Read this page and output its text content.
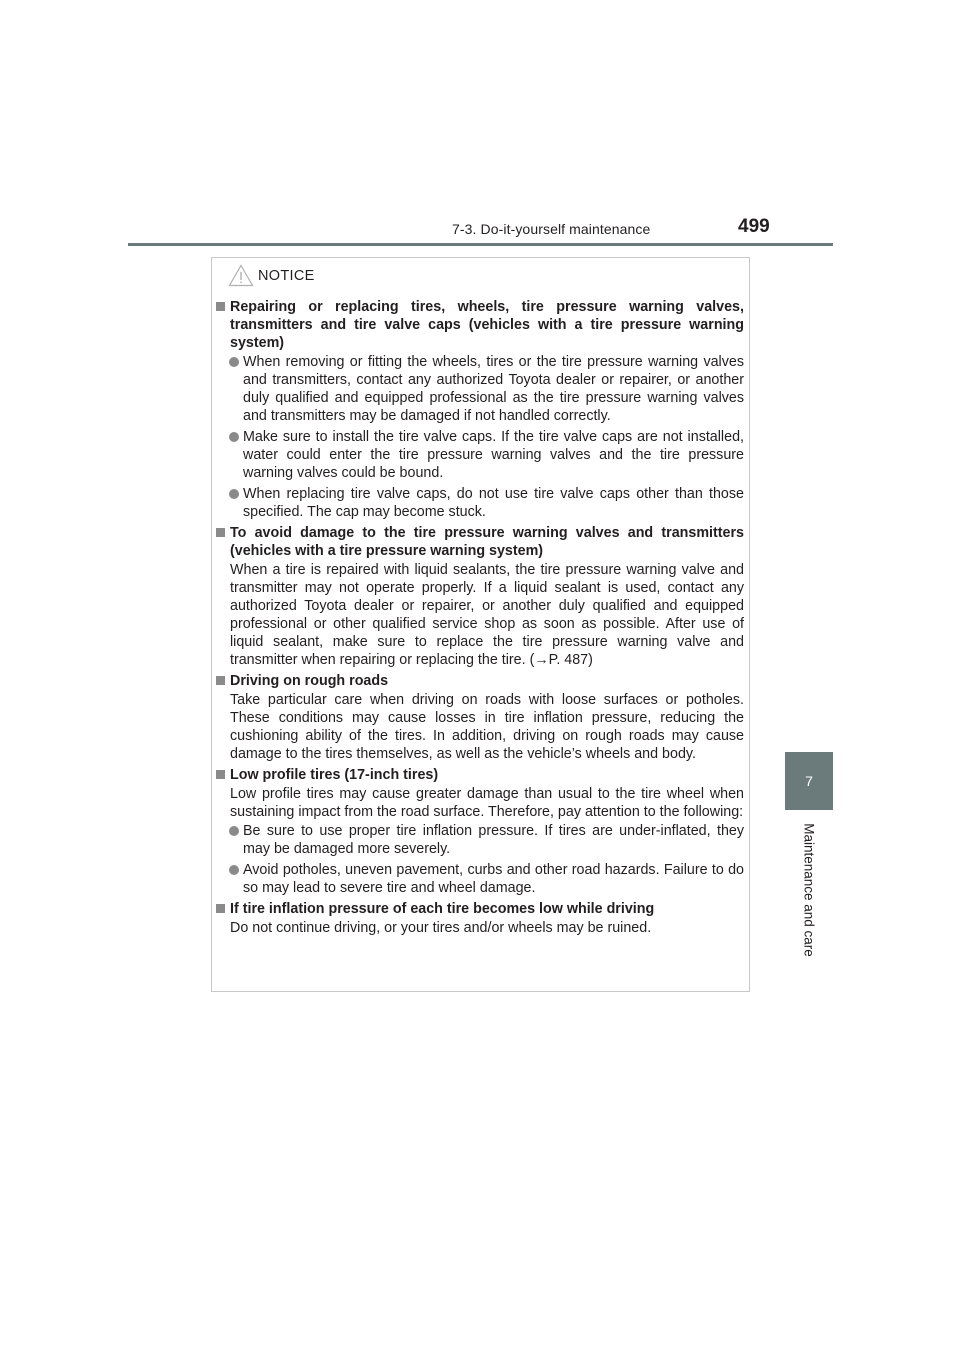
7-3. Do-it-yourself maintenance	499
7
Maintenance and care
NOTICE
Repairing or replacing tires, wheels, tire pressure warning valves, transmitters and tire valve caps (vehicles with a tire pressure warning system)
When removing or fitting the wheels, tires or the tire pressure warning valves and transmitters, contact any authorized Toyota dealer or repairer, or another duly qualified and equipped professional as the tire pressure warning valves and transmitters may be damaged if not handled correctly.
Make sure to install the tire valve caps. If the tire valve caps are not installed, water could enter the tire pressure warning valves and the tire pressure warning valves could be bound.
When replacing tire valve caps, do not use tire valve caps other than those specified. The cap may become stuck.
To avoid damage to the tire pressure warning valves and transmitters (vehicles with a tire pressure warning system)
When a tire is repaired with liquid sealants, the tire pressure warning valve and transmitter may not operate properly. If a liquid sealant is used, contact any authorized Toyota dealer or repairer, or another duly qualified and equipped professional or other qualified service shop as soon as possible. After use of liquid sealant, make sure to replace the tire pressure warning valve and transmitter when repairing or replacing the tire. (→P. 487)
Driving on rough roads
Take particular care when driving on roads with loose surfaces or potholes. These conditions may cause losses in tire inflation pressure, reducing the cushioning ability of the tires. In addition, driving on rough roads may cause damage to the tires themselves, as well as the vehicle’s wheels and body.
Low profile tires (17-inch tires)
Low profile tires may cause greater damage than usual to the tire wheel when sustaining impact from the road surface. Therefore, pay attention to the following:
Be sure to use proper tire inflation pressure. If tires are under-inflated, they may be damaged more severely.
Avoid potholes, uneven pavement, curbs and other road hazards. Failure to do so may lead to severe tire and wheel damage.
If tire inflation pressure of each tire becomes low while driving
Do not continue driving, or your tires and/or wheels may be ruined.
